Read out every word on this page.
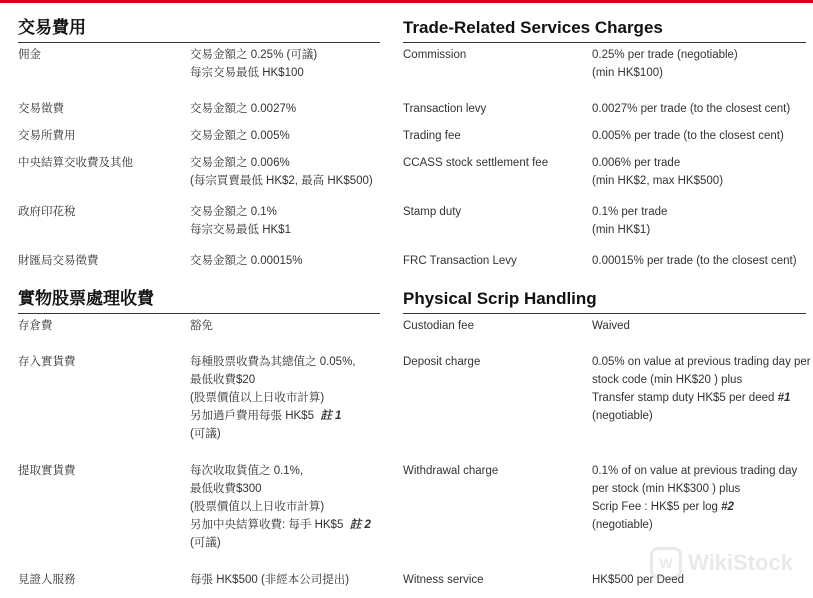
交易費用
佣金	交易金額之 0.25% (可議)
每宗交易最低 HK$100
交易徵費	交易金額之 0.0027%
交易所費用	交易金額之 0.005%
中央結算交收費及其他	交易金額之 0.006%
(每宗買賣最低 HK$2, 最高 HK$500)
政府印花稅	交易金額之 0.1%
每宗交易最低 HK$1
財匯局交易徵費	交易金額之 0.00015%
實物股票處理收費
存倉費	豁免
存入實貨費	每種股票收費為其總值之 0.05%,
最低收費$20
(股票價值以上日收市計算)
另加過戶費用每張 HK$5 註 1
(可議)
提取實貨費	每次收取貨值之 0.1%,
最低收費$300
(股票價值以上日收市計算)
另加中央結算收費: 每手 HK$5 註 2
(可議)
見證人服務	每張 HK$500 (非經本公司提出)
Trade-Related Services Charges
Commission	0.25% per trade (negotiable)
(min HK$100)
Transaction levy	0.0027% per trade (to the closest cent)
Trading fee	0.005% per trade (to the closest cent)
CCASS stock settlement fee	0.006% per trade
(min HK$2, max HK$500)
Stamp duty	0.1% per trade
(min HK$1)
FRC Transaction Levy	0.00015% per trade (to the closest cent)
Physical Scrip Handling
Custodian fee	Waived
Deposit charge	0.05% on value at previous trading day per
stock code (min HK$20 ) plus
Transfer stamp duty HK$5 per deed #1
(negotiable)
Withdrawal charge	0.1% of on value at previous trading day
per stock (min HK$300 ) plus
Scrip Fee : HK$5 per log #2
(negotiable)
Witness service	HK$500 per Deed
W WikiStock
